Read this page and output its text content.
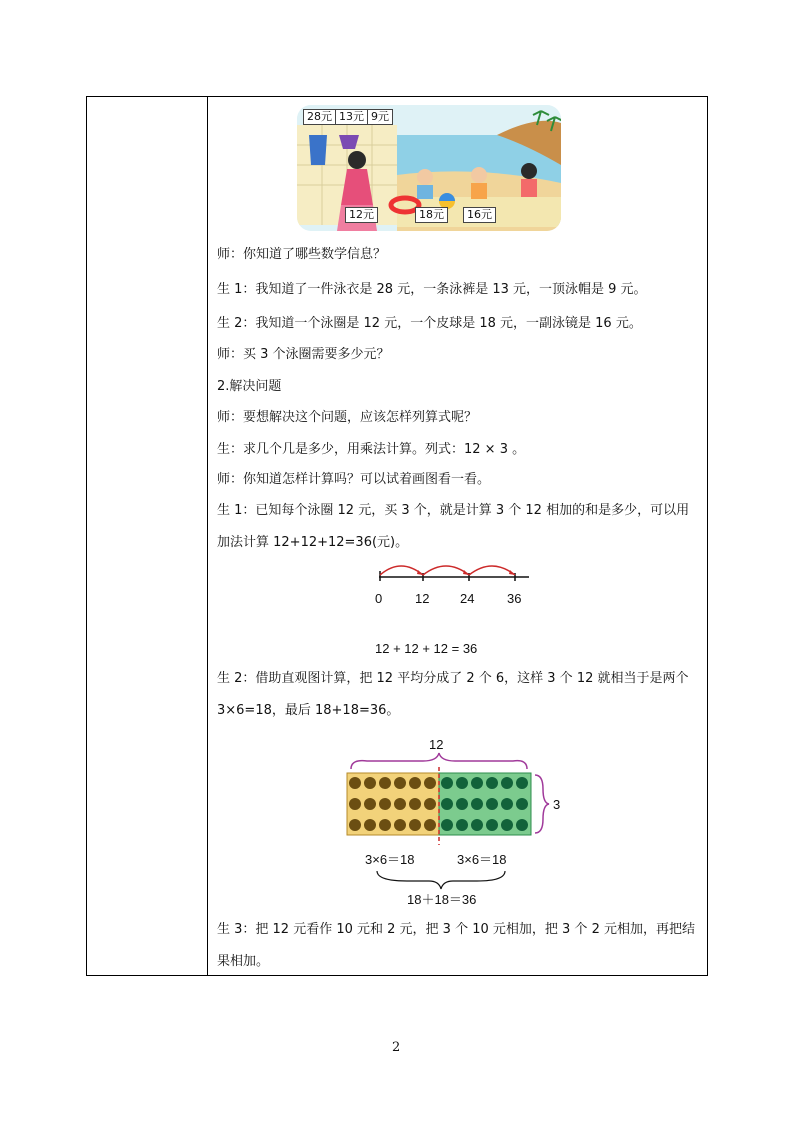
28元 13元 9元
12元	18元	16元
师：你知道了哪些数学信息？
生 1：我知道了一件泳衣是 28 元，一条泳裤是 13 元，一顶泳帽是 9 元。
生 2：我知道一个泳圈是 12 元，一个皮球是 18 元，一副泳镜是 16 元。
师：买 3 个泳圈需要多少元？
2.解决问题
师：要想解决这个问题，应该怎样列算式呢？
生：求几个几是多少，用乘法计算。列式：12 × 3 。
师：你知道怎样计算吗？可以试着画图看一看。
生 1：已知每个泳圈 12 元，买 3 个，就是计算 3 个 12 相加的和是多少，可以用加法计算 12+12+12=36(元)。
0	12 24	36
12 + 12 + 12 = 36
生 2：借助直观图计算，把 12 平均分成了 2 个 6，这样 3 个 12 就相当于是两个 3×6=18，最后 18+18=36。
12
3
3×6＝18	3×6＝18
18＋18＝36
生 3：把 12 元看作 10 元和 2 元，把 3 个 10 元相加，把 3 个 2 元相加，再把结果相加。
2
